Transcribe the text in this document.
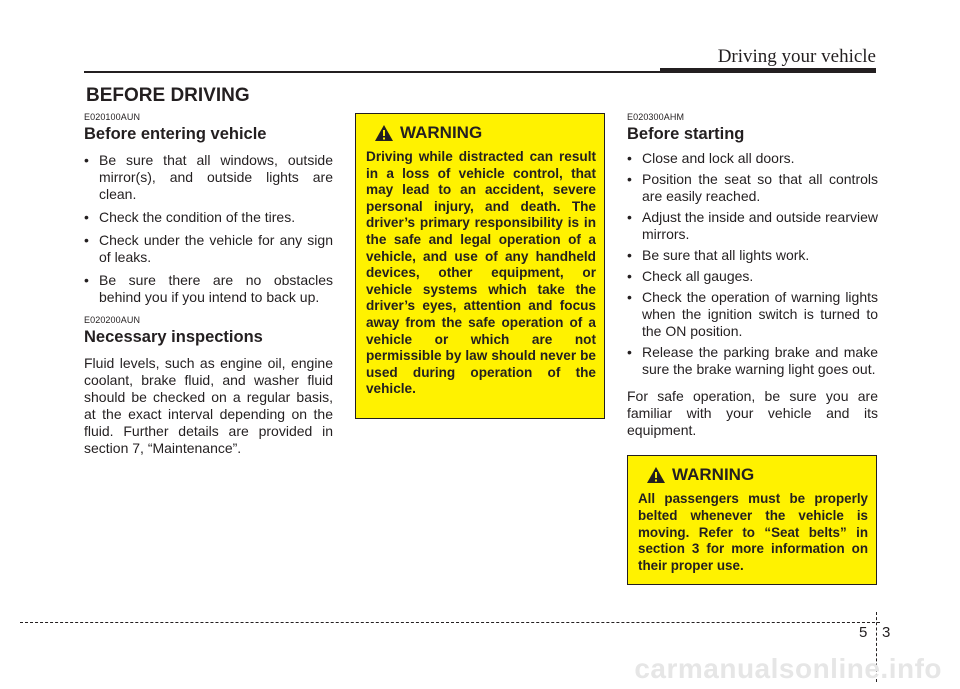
Driving your vehicle
BEFORE DRIVING
E020100AUN
Before entering vehicle
• Be sure that all windows, outside mirror(s), and outside lights are clean.
• Check the condition of the tires.
• Check under the vehicle for any sign of leaks.
• Be sure there are no obstacles behind you if you intend to back up.
E020200AUN
Necessary inspections

Fluid levels, such as engine oil, engine coolant, brake fluid, and washer fluid should be checked on a regular basis, at the exact interval depending on the fluid. Further details are provided in section 7, “Maintenance”.

WARNING

Driving while distracted can result in a loss of vehicle control, that may lead to an accident, severe personal injury, and death. The driver’s primary responsibility is in the safe and legal operation of a vehicle, and use of any handheld devices, other equipment, or vehicle systems which take the driver’s eyes, attention and focus away from the safe operation of a vehicle or which are not permissible by law should never be used during operation of the vehicle.

E020300AHM
Before starting
• Close and lock all doors.
• Position the seat so that all controls are easily reached.
• Adjust the inside and outside rearview mirrors.
• Be sure that all lights work.
• Check all gauges.
• Check the operation of warning lights when the ignition switch is turned to the ON position.
• Release the parking brake and make sure the brake warning light goes out.

For safe operation, be sure you are familiar with your vehicle and its equipment.

WARNING

All passengers must be properly belted whenever the vehicle is moving. Refer to “Seat belts” in section 3 for more information on their proper use.

5 3
carmanualsonline.info
